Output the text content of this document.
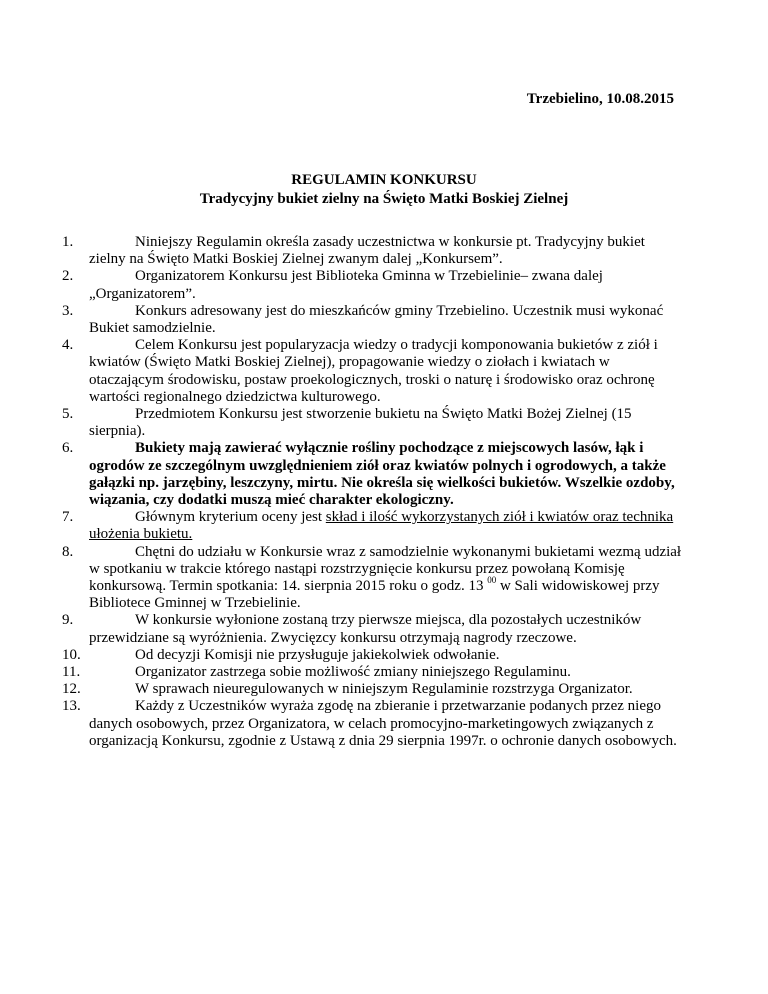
Trzebielino, 10.08.2015
REGULAMIN KONKURSU
Tradycyjny bukiet zielny na Święto Matki Boskiej Zielnej
1.	Niniejszy Regulamin określa zasady uczestnictwa w konkursie pt. Tradycyjny bukiet zielny na Święto Matki Boskiej Zielnej zwanym dalej „Konkursem”.
2.	Organizatorem Konkursu jest Biblioteka Gminna w Trzebielinie– zwana dalej „Organizatorem”.
3.	Konkurs adresowany jest do mieszkańców gminy Trzebielino. Uczestnik musi wykonać Bukiet samodzielnie.
4.	Celem Konkursu jest popularyzacja wiedzy o tradycji komponowania bukietów z ziół i kwiatów (Święto Matki Boskiej Zielnej), propagowanie wiedzy o ziołach i kwiatach w otaczającym środowisku, postaw proekologicznych, troski o naturę i środowisko oraz ochronę wartości regionalnego dziedzictwa kulturowego.
5.	Przedmiotem Konkursu jest stworzenie bukietu na Święto Matki Bożej Zielnej (15 sierpnia).
6.	Bukiety mają zawierać wyłącznie rośliny pochodzące z miejscowych lasów, łąk i ogrodów ze szczególnym uwzględnieniem ziół oraz kwiatów polnych i ogrodowych, a także gałązki np. jarzębiny, leszczyny, mirtu. Nie określa się wielkości bukietów. Wszelkie ozdoby, wiązania, czy dodatki muszą mieć charakter ekologiczny.
7.	Głównym kryterium oceny jest skład i ilość wykorzystanych ziół i kwiatów oraz technika ułożenia bukietu.
8.	Chętni do udziału w Konkursie wraz z samodzielnie wykonanymi bukietami wezmą udział w spotkaniu w trakcie którego nastąpi rozstrzygnięcie konkursu przez powołaną Komisję konkursową. Termin spotkania: 14. sierpnia 2015 roku o godz. 13 $^{00}$ w Sali widowiskowej przy Bibliotece Gminnej w Trzebielinie.
9.	W konkursie wyłonione zostaną trzy pierwsze miejsca, dla pozostałych uczestników przewidziane są wyróżnienia. Zwycięzcy konkursu otrzymają nagrody rzeczowe.
10.	Od decyzji Komisji nie przysługuje jakiekolwiek odwołanie.
11.	Organizator zastrzega sobie możliwość zmiany niniejszego Regulaminu.
12.	W sprawach nieuregulowanych w niniejszym Regulaminie rozstrzyga Organizator.
13.	Każdy z Uczestników wyraża zgodę na zbieranie i przetwarzanie podanych przez niego danych osobowych, przez Organizatora, w celach promocyjno-marketingowych związanych z organizacją Konkursu, zgodnie z Ustawą z dnia 29 sierpnia 1997r. o ochronie danych osobowych.
